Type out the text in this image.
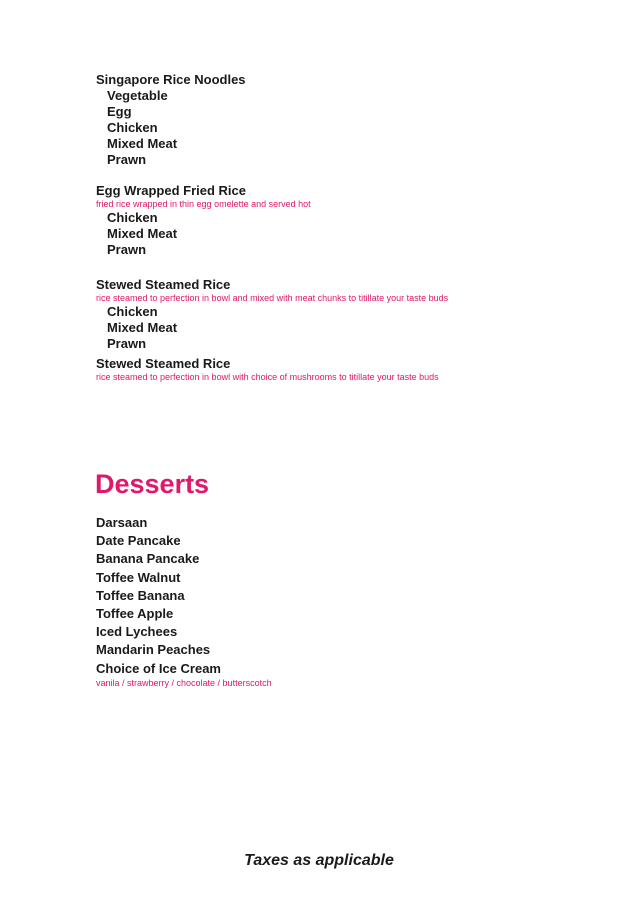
Singapore Rice Noodles

Vegetable

Egg

Chicken

Mixed Meat

Prawn

Egg Wrapped Fried Rice

fried rice wrapped in thin egg omelette and served hot

Chicken

Mixed Meat

Prawn

Stewed Steamed Rice

rice steamed to perfection in bowl and mixed with meat chunks to titillate your taste buds

Chicken

Mixed Meat

Prawn

Stewed Steamed Rice

rice steamed to perfection in bowl with choice of mushrooms to titillate your taste buds

Desserts

Darsaan

Date Pancake

Banana Pancake

Toffee Walnut

Toffee Banana

Toffee Apple

Iced Lychees

Mandarin Peaches

Choice of Ice Cream

vanila / strawberry / chocolate / butterscotch

Taxes as applicable
